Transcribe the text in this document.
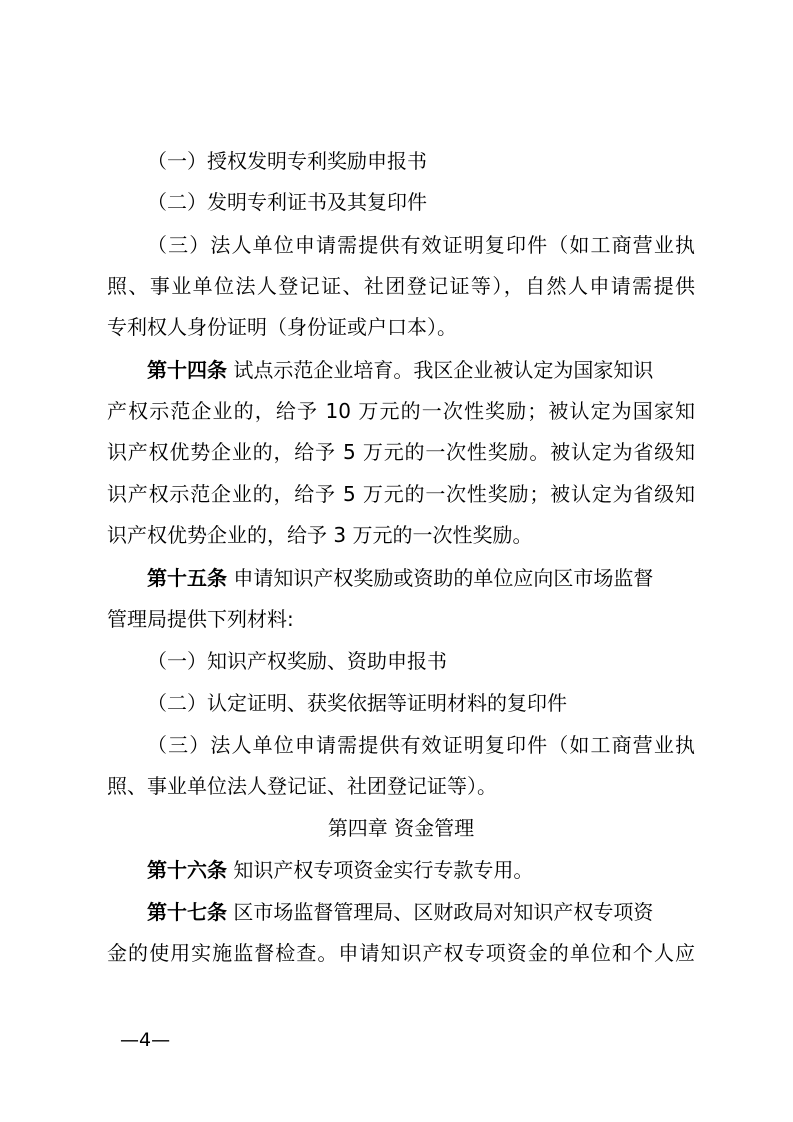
（一）授权发明专利奖励申报书
（二）发明专利证书及其复印件
（三）法人单位申请需提供有效证明复印件（如工商营业执
照、事业单位法人登记证、社团登记证等），自然人申请需提供
专利权人身份证明（身份证或户口本）。
第十四条 试点示范企业培育。我区企业被认定为国家知识
产权示范企业的，给予 10 万元的一次性奖励；被认定为国家知
识产权优势企业的，给予 5 万元的一次性奖励。被认定为省级知
识产权示范企业的，给予 5 万元的一次性奖励；被认定为省级知
识产权优势企业的，给予 3 万元的一次性奖励。
第十五条 申请知识产权奖励或资助的单位应向区市场监督
管理局提供下列材料:
（一）知识产权奖励、资助申报书
（二）认定证明、获奖依据等证明材料的复印件
（三）法人单位申请需提供有效证明复印件（如工商营业执
照、事业单位法人登记证、社团登记证等）。
第四章 资金管理
第十六条 知识产权专项资金实行专款专用。
第十七条 区市场监督管理局、区财政局对知识产权专项资
金的使用实施监督检查。申请知识产权专项资金的单位和个人应
—4—
